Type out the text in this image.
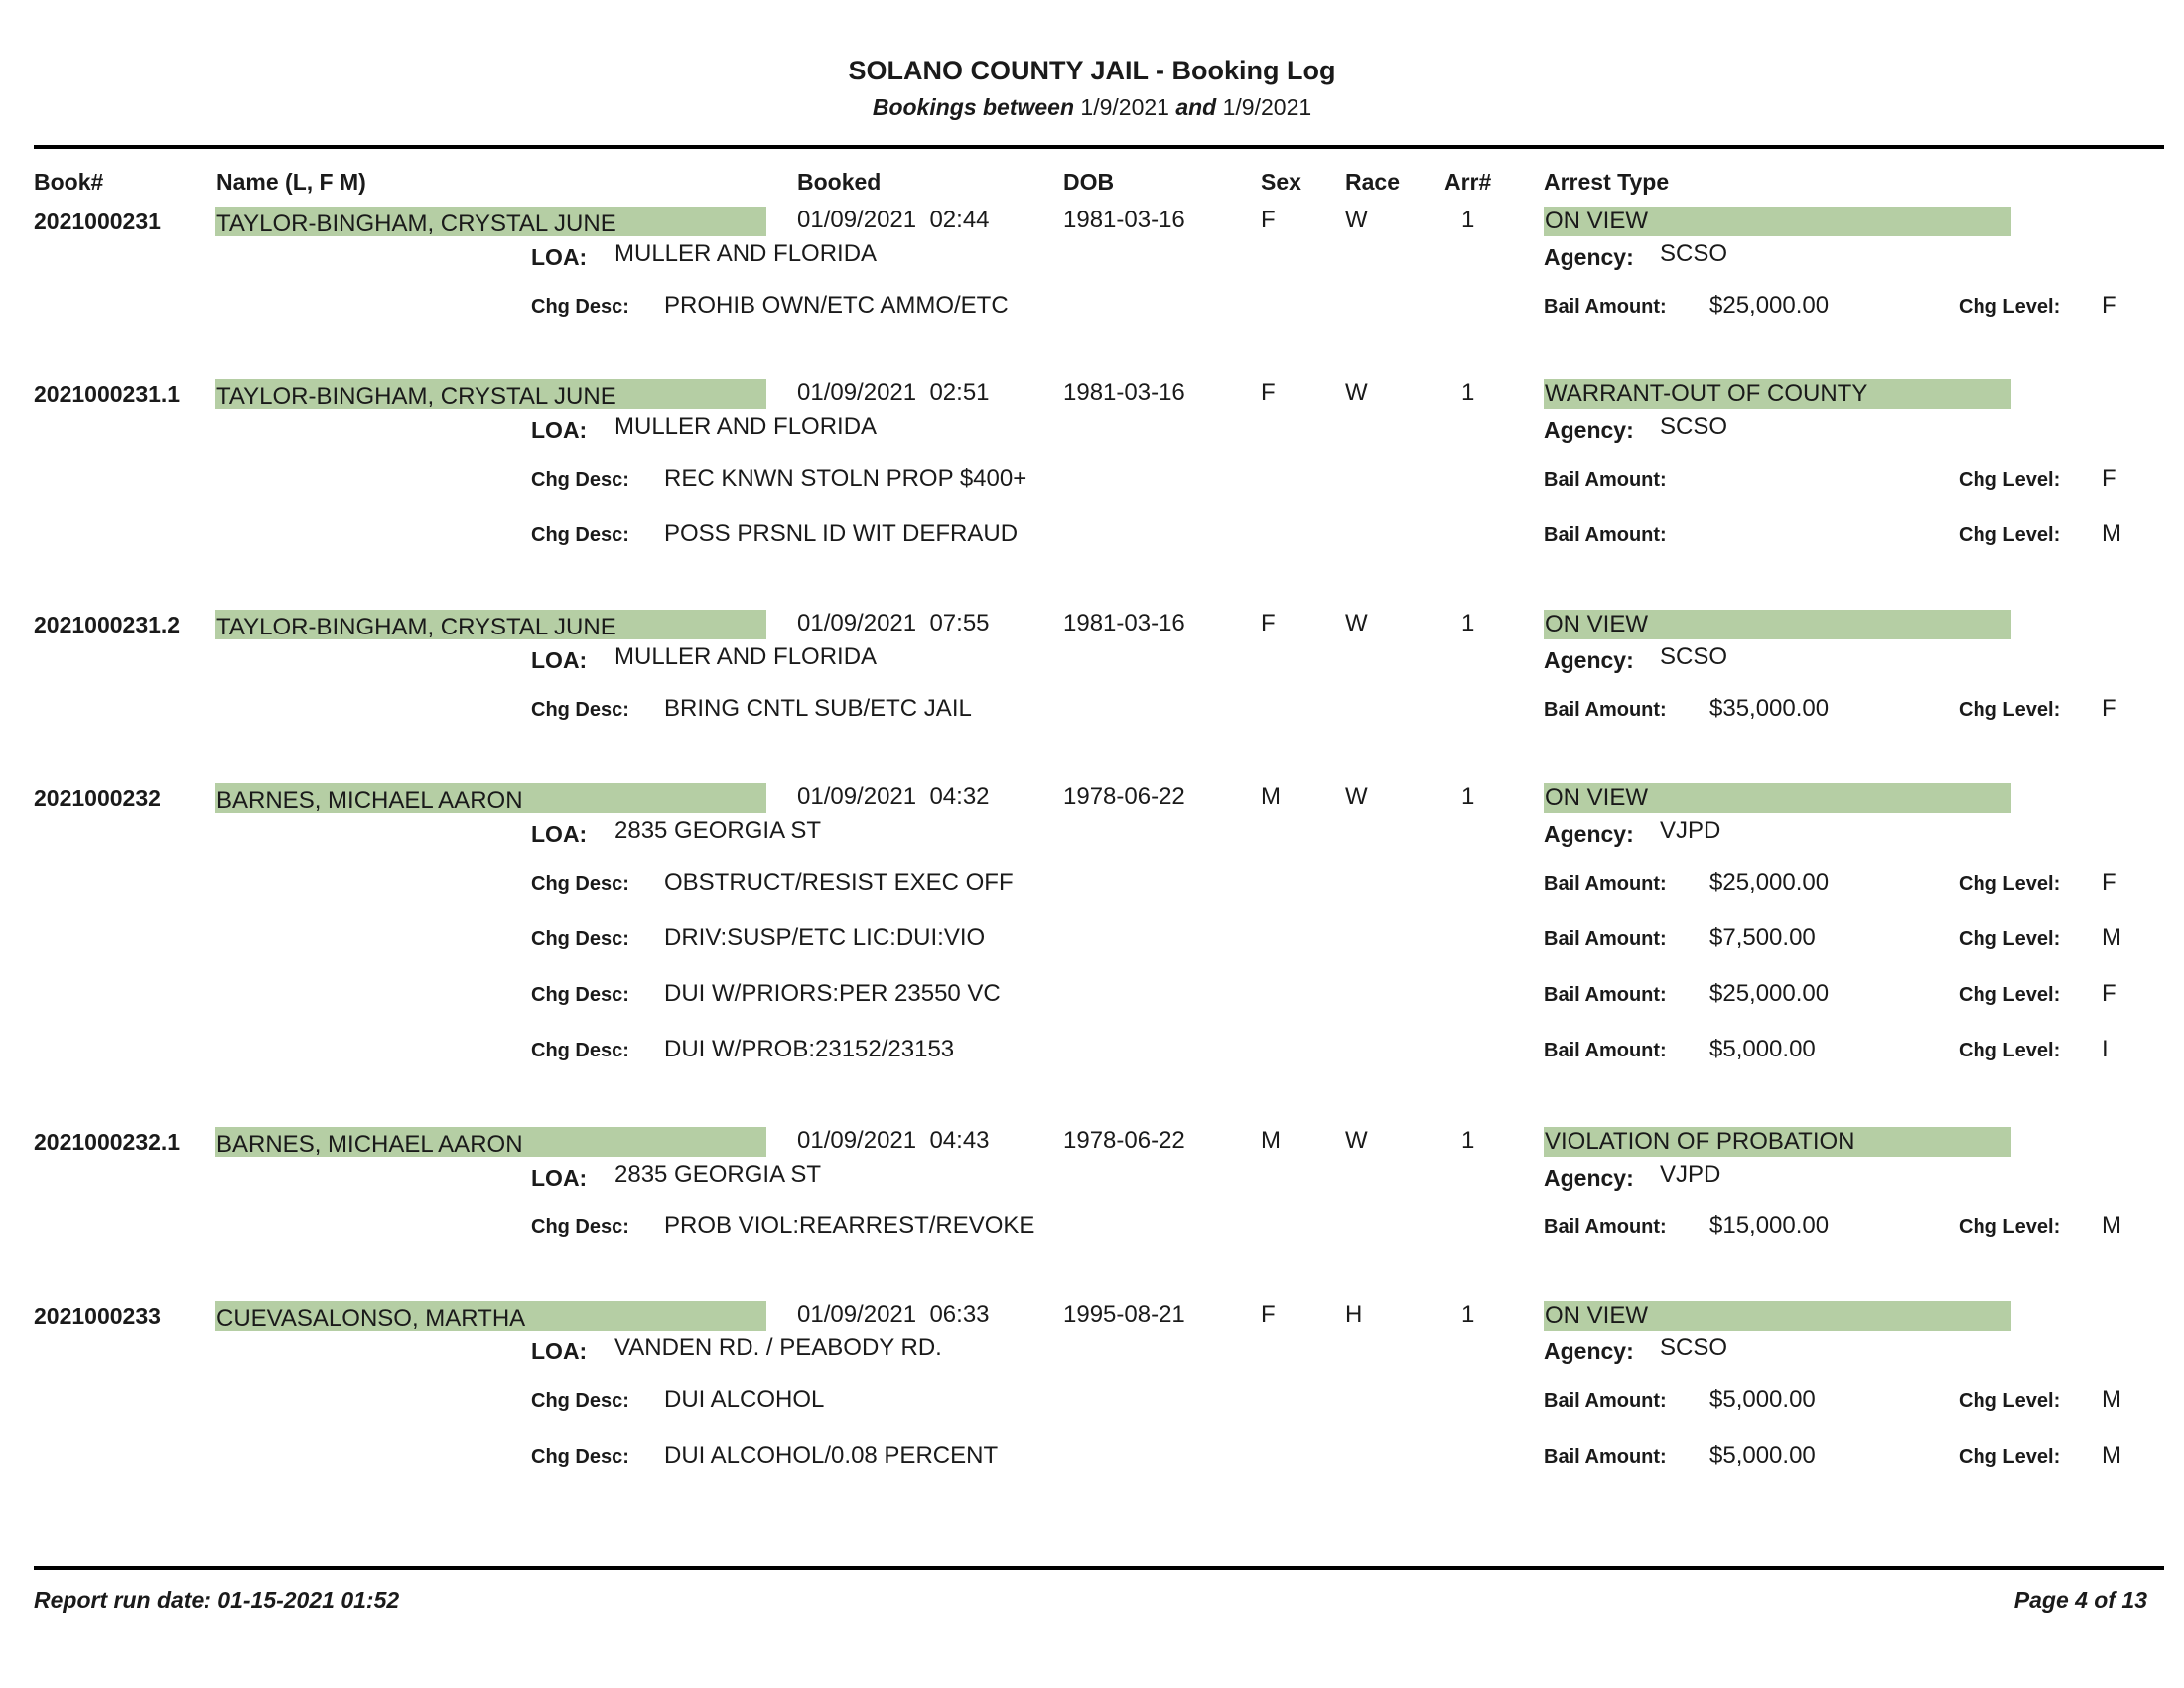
SOLANO COUNTY JAIL - Booking Log
Bookings between 1/9/2021 and 1/9/2021
Book#	Name (L, F M)	Booked	DOB	Sex Race Arr# Arrest Type
2021000231 TAYLOR-BINGHAM, CRYSTAL JUNE	01/09/2021  02:44	1981-03-16	F	W	1	ON VIEW
LOA: MULLER AND FLORIDA	Agency: SCSO
Chg Desc: PROHIB OWN/ETC AMMO/ETC	Bail Amount: $25,000.00	Chg Level: F
2021000231.1 TAYLOR-BINGHAM, CRYSTAL JUNE	01/09/2021  02:51	1981-03-16	F	W	1	WARRANT-OUT OF COUNTY
LOA: MULLER AND FLORIDA	Agency: SCSO
Chg Desc: REC KNWN STOLN PROP $400+	Bail Amount:	Chg Level: F
Chg Desc: POSS PRSNL ID WIT DEFRAUD	Bail Amount:	Chg Level: M
2021000231.2 TAYLOR-BINGHAM, CRYSTAL JUNE	01/09/2021  07:55	1981-03-16	F	W	1	ON VIEW
LOA: MULLER AND FLORIDA	Agency: SCSO
Chg Desc: BRING CNTL SUB/ETC JAIL	Bail Amount: $35,000.00	Chg Level: F
2021000232 BARNES, MICHAEL AARON	01/09/2021  04:32	1978-06-22	M	W	1	ON VIEW
LOA: 2835 GEORGIA ST	Agency: VJPD
Chg Desc: OBSTRUCT/RESIST EXEC OFF	Bail Amount: $25,000.00	Chg Level: F
Chg Desc: DRIV:SUSP/ETC LIC:DUI:VIO	Bail Amount: $7,500.00	Chg Level: M
Chg Desc: DUI W/PRIORS:PER 23550 VC	Bail Amount: $25,000.00	Chg Level: F
Chg Desc: DUI W/PROB:23152/23153	Bail Amount: $5,000.00	Chg Level: I
2021000232.1 BARNES, MICHAEL AARON	01/09/2021  04:43	1978-06-22	M	W	1	VIOLATION OF PROBATION
LOA: 2835 GEORGIA ST	Agency: VJPD
Chg Desc: PROB VIOL:REARREST/REVOKE	Bail Amount: $15,000.00	Chg Level: M
2021000233 CUEVASALONSO, MARTHA	01/09/2021  06:33	1995-08-21	F	H	1	ON VIEW
LOA: VANDEN RD. / PEABODY RD.	Agency: SCSO
Chg Desc: DUI ALCOHOL	Bail Amount: $5,000.00	Chg Level: M
Chg Desc: DUI ALCOHOL/0.08 PERCENT	Bail Amount: $5,000.00	Chg Level: M
Report run date: 01-15-2021 01:52	Page 4 of 13
